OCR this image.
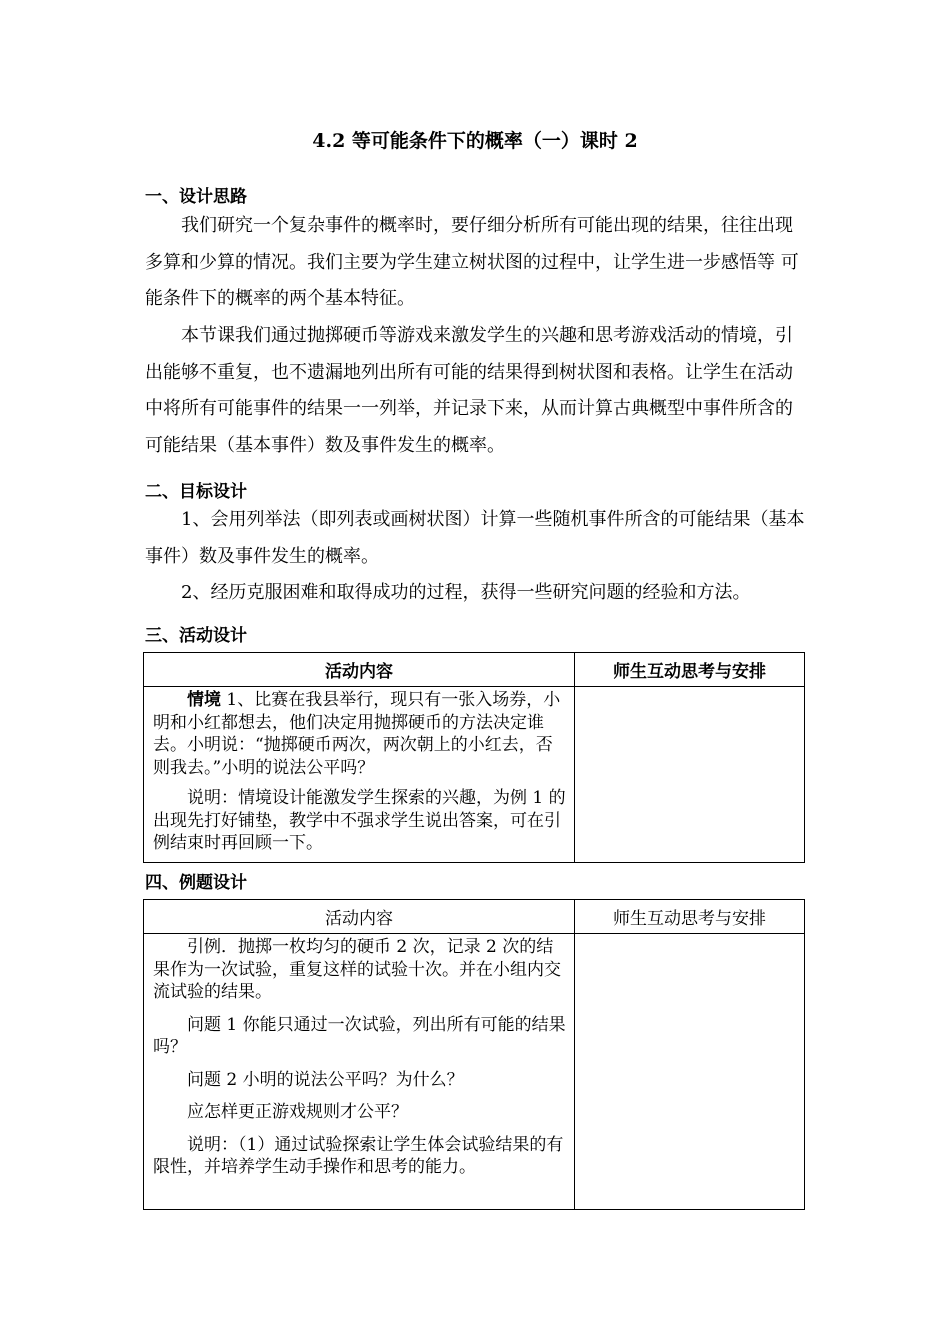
4.2 等可能条件下的概率（一）课时 2
一、设计思路

我们研究一个复杂事件的概率时，要仔细分析所有可能出现的结果，往往出现多算和少算的情况。我们主要为学生建立树状图的过程中，让学生进一步感悟等 可能条件下的概率的两个基本特征。

本节课我们通过抛掷硬币等游戏来激发学生的兴趣和思考游戏活动的情境，引出能够不重复，也不遗漏地列出所有可能的结果得到树状图和表格。让学生在活动中将所有可能事件的结果一一列举，并记录下来，从而计算古典概型中事件所含的可能结果（基本事件）数及事件发生的概率。

二、目标设计

1、会用列举法（即列表或画树状图）计算一些随机事件所含的可能结果（基本事件）数及事件发生的概率。

2、经历克服困难和取得成功的过程，获得一些研究问题的经验和方法。

三、活动设计
活动内容	师生互动思考与安排

情境 1、比赛在我县举行，现只有一张入场券，小明和小红都想去，他们决定用抛掷硬币的方法决定谁去。小明说：“抛掷硬币两次，两次朝上的小红去，否则我去。”小明的说法公平吗？

说明：情境设计能激发学生探索的兴趣，为例 1 的出现先打好铺垫，教学中不强求学生说出答案，可在引例结束时再回顾一下。	

四、例题设计
活动内容	师生互动思考与安排

引例．抛掷一枚均匀的硬币 2 次，记录 2 次的结果作为一次试验，重复这样的试验十次。并在小组内交流试验的结果。

问题 1 你能只通过一次试验，列出所有可能的结果吗？

问题 2 小明的说法公平吗？为什么？

应怎样更正游戏规则才公平？

说明：（1）通过试验探索让学生体会试验结果的有限性，并培养学生动手操作和思考的能力。	
